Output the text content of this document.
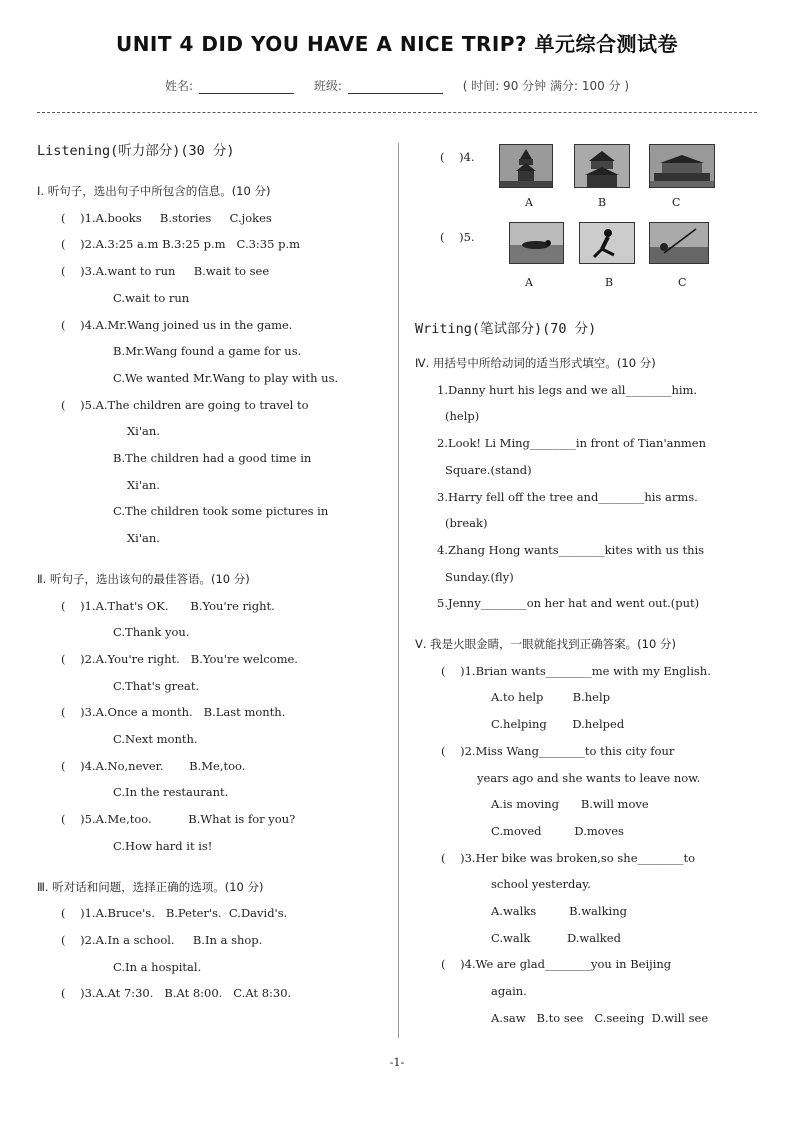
UNIT 4 DID YOU HAVE A NICE TRIP? 单元综合测试卷
姓名:	班级:	( 时间: 90 分钟 满分: 100 分 )
Listening(听力部分)(30 分)
Ⅰ. 听句子，选出句子中所包含的信息。(10 分)
(    )1.A.books     B.stories     C.jokes
(    )2.A.3:25 a.m B.3:25 p.m   C.3:35 p.m
(    )3.A.want to run     B.wait to see
C.wait to run
(    )4.A.Mr.Wang joined us in the game.
B.Mr.Wang found a game for us.
C.We wanted Mr.Wang to play with us.
(    )5.A.The children are going to travel to
Xi'an.
B.The children had a good time in
Xi'an.
C.The children took some pictures in
Xi'an.
Ⅱ. 听句子，选出该句的最佳答语。(10 分)
(    )1.A.That's OK.      B.You're right.
C.Thank you.
(    )2.A.You're right.   B.You're welcome.
C.That's great.
(    )3.A.Once a month.   B.Last month.
C.Next month.
(    )4.A.No,never.       B.Me,too.
C.In the restaurant.
(    )5.A.Me,too.          B.What is for you?
C.How hard it is!
Ⅲ. 听对话和问题，选择正确的选项。(10 分)
(    )1.A.Bruce's.   B.Peter's.  C.David's.
(    )2.A.In a school.     B.In a shop.
C.In a hospital.
(    )3.A.At 7:30.   B.At 8:00.   C.At 8:30.
(    )4.
A	B	C
(    )5.
A	B	C
Writing(笔试部分)(70 分)
Ⅳ. 用括号中所给动词的适当形式填空。(10 分)
1.Danny hurt his legs and we all________him.
(help)
2.Look! Li Ming________in front of Tian'anmen
Square.(stand)
3.Harry fell off the tree and________his arms.
(break)
4.Zhang Hong wants________kites with us this
Sunday.(fly)
5.Jenny________on her hat and went out.(put)
Ⅴ. 我是火眼金睛，一眼就能找到正确答案。(10 分)
(    )1.Brian wants________me with my English.
A.to help        B.help
C.helping       D.helped
(    )2.Miss Wang________to this city four
years ago and she wants to leave now.
A.is moving      B.will move
C.moved         D.moves
(    )3.Her bike was broken,so she________to
school yesterday.
A.walks         B.walking
C.walk          D.walked
(    )4.We are glad________you in Beijing
again.
A.saw   B.to see   C.seeing  D.will see
-1-
